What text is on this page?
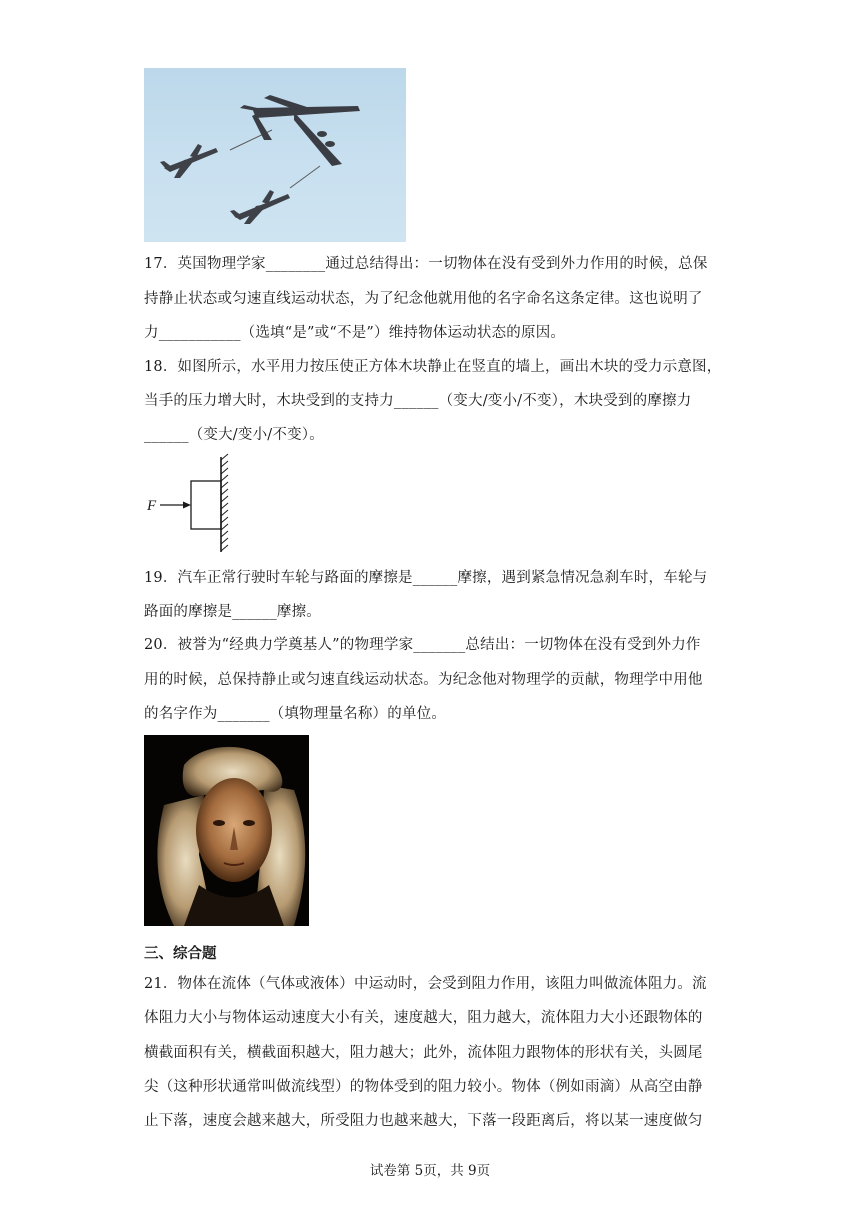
17．英国物理学家________通过总结得出：一切物体在没有受到外力作用的时候，总保
持静止状态或匀速直线运动状态，为了纪念他就用他的名字命名这条定律。这也说明了
力___________（选填“是”或“不是”）维持物体运动状态的原因。
18．如图所示，水平用力按压使正方体木块静止在竖直的墙上，画出木块的受力示意图，
当手的压力增大时，木块受到的支持力______（变大/变小/不变），木块受到的摩擦力
______（变大/变小/不变）。
F
19．汽车正常行驶时车轮与路面的摩擦是______摩擦，遇到紧急情况急刹车时，车轮与
路面的摩擦是______摩擦。
20．被誉为“经典力学奠基人”的物理学家_______总结出：一切物体在没有受到外力作
用的时候，总保持静止或匀速直线运动状态。为纪念他对物理学的贡献，物理学中用他
的名字作为_______（填物理量名称）的单位。
三、综合题
21．物体在流体（气体或液体）中运动时，会受到阻力作用，该阻力叫做流体阻力。流
体阻力大小与物体运动速度大小有关，速度越大，阻力越大，流体阻力大小还跟物体的
横截面积有关，横截面积越大，阻力越大；此外，流体阻力跟物体的形状有关，头圆尾
尖（这种形状通常叫做流线型）的物体受到的阻力较小。物体（例如雨滴）从高空由静
止下落，速度会越来越大，所受阻力也越来越大，下落一段距离后，将以某一速度做匀
试卷第 5页，共 9页
